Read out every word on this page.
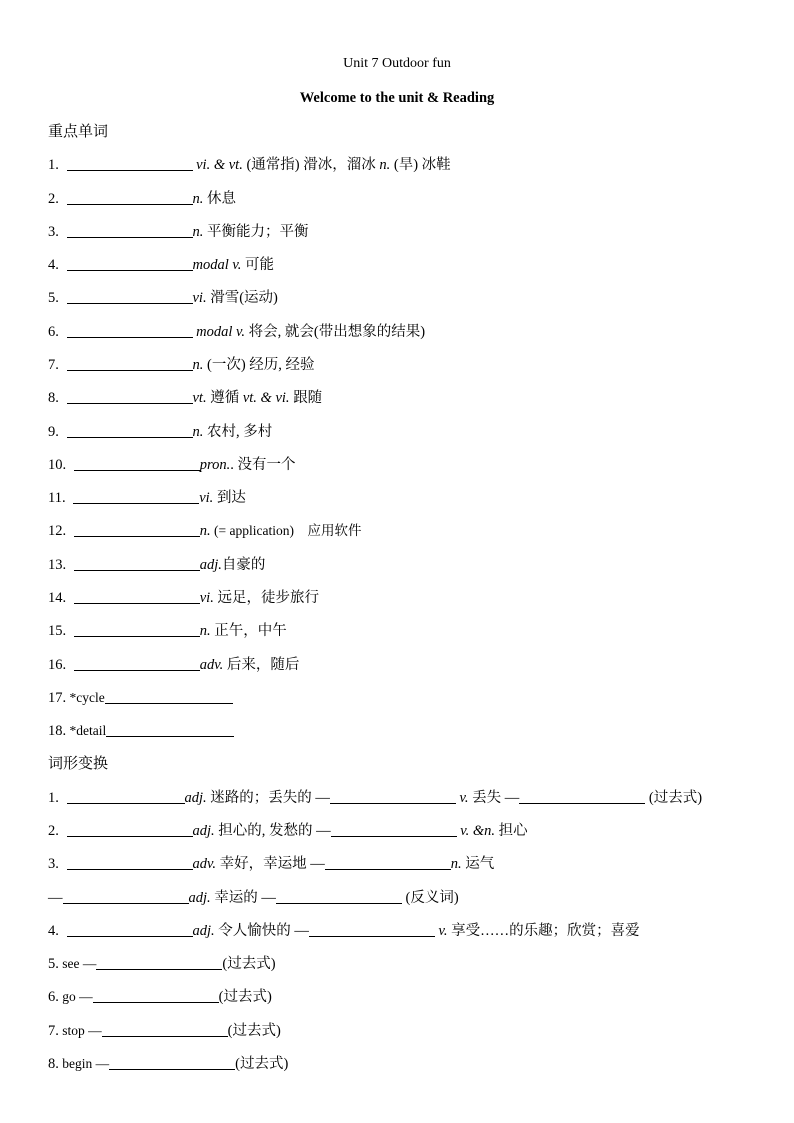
Unit 7 Outdoor fun
Welcome to the unit & Reading
重点单词
1.	vi. & vt. (通常指) 滑冰，溜冰 n. (旱) 冰鞋
2.	n. 休息
3.	n. 平衡能力；平衡
4.	modal v. 可能
5.	vi. 滑雪(运动)
6.	modal v. 将会, 就会(带出想象的结果)
7.	n. (一次) 经历, 经验
8.	vt. 遵循 vt. & vi. 跟随
9.	n. 农村, 多村
10.	pron.. 没有一个
11.	vi. 到达
12.	n. (= application)    应用软件
13.	adj.自豪的
14.	vi. 远足，徒步旅行
15.	n. 正午，中午
16.	adv. 后来，随后
17. *cycle
18. *detail
词形变换
1.	adj. 迷路的；丢失的 —	v. 丢失 —	(过去式)
2.	adj. 担心的, 发愁的 —	v. &n. 担心
3.	adv. 幸好，幸运地 —	n. 运气
—	adj. 幸运的 —	(反义词)
4.	adj. 令人愉快的 —	v. 享受……的乐趣；欣赏；喜爱
5. see —	(过去式)
6. go —	(过去式)
7. stop —	(过去式)
8. begin —	(过去式)
